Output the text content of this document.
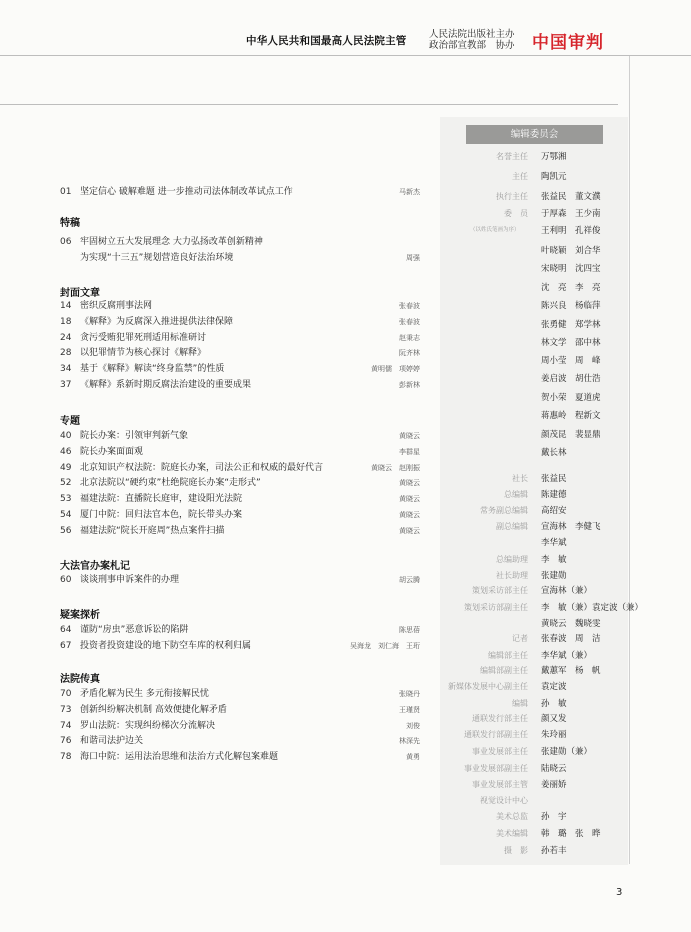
中华人民共和国最高人民法院主管
人民法院出版社主办
政治部宣教部　协办 中国审判
01 坚定信心 破解难题 进一步推动司法体制改革试点工作	马新杰
特稿
06 牢固树立五大发展理念 大力弘扬改革创新精神
为实现“十三五”规划营造良好法治环境	周强
封面文章
14 密织反腐刑事法网	张春波
18 《解释》为反腐深入推进提供法律保障	张春波
24 贪污受贿犯罪死刑适用标准研讨	赵秉志
28 以犯罪情节为核心探讨《解释》	阮齐林
34 基于《解释》解读“终身监禁”的性质	黄明儒　项婷婷
37 《解释》系新时期反腐法治建设的重要成果	彭新林
专题
40 院长办案：引领审判新气象	黄晓云
46 院长办案面面观	李群星
49 北京知识产权法院：院庭长办案，司法公正和权威的最好代言	黄晓云　赵刚振
52 北京法院以“硬约束”杜绝院庭长办案“走形式”	黄晓云
53 福建法院：直播院长庭审，建设阳光法院	黄晓云
54 厦门中院：回归法官本色，院长带头办案	黄晓云
56 福建法院“院长开庭周”热点案件扫描	黄晓云
大法官办案札记
60 谈谈刑事申诉案件的办理	胡云腾
疑案探析
64 谨防“房虫”恶意诉讼的陷阱	陈思蓓
67 投资者投资建设的地下防空车库的权利归属	吴海龙　刘仁海　王珩
法院传真
70 矛盾化解为民生 多元衔接解民忧	张晓丹
73 创新纠纷解决机制 高效便捷化解矛盾	王瑾贤
74 罗山法院：实现纠纷梯次分流解决	刘俊
76 和谐司法护边关	林深先
78 海口中院：运用法治思维和法治方式化解包案难题	黄勇
编辑委员会
（以姓氏笔画为序）
名誉主任 万鄂湘
主任 陶凯元
执行主任 张益民　董文濮
委　员 于厚森　王少南
王利明　孔祥俊
叶晓颖　刘合华
宋晓明　沈四宝
沈　亮　李　亮
陈兴良　杨临萍
张勇健　郑学林
林文学　邵中林
周小莹　周　峰
姜启波　胡仕浩
贺小荣　夏道虎
蒋惠岭　程新文
颜茂昆　裴显鼎
戴长林
社长 张益民
总编辑 陈建德
常务副总编辑 高绍安
副总编辑 宣海林　李健飞
李华斌
总编助理 李　敏
社长助理 张建勋
策划采访部主任 宣海林（兼）
策划采访部副主任 李　敏（兼）袁定波（兼）
黄晓云　魏晓雯
记者 张春波　周　洁
编辑部主任 李华斌（兼）
编辑部副主任 戴蕙军　杨　帆
新媒体发展中心副主任 袁定波
编辑 孙　敏
通联发行部主任 颜又发
通联发行部副主任 朱玲丽
事业发展部主任 张建勋（兼）
事业发展部副主任 陆晓云
事业发展部主管 姜丽娇
视觉设计中心
美术总监 孙　宇
美术编辑 韩　璐　张　晔
摄　影 孙若丰
3
